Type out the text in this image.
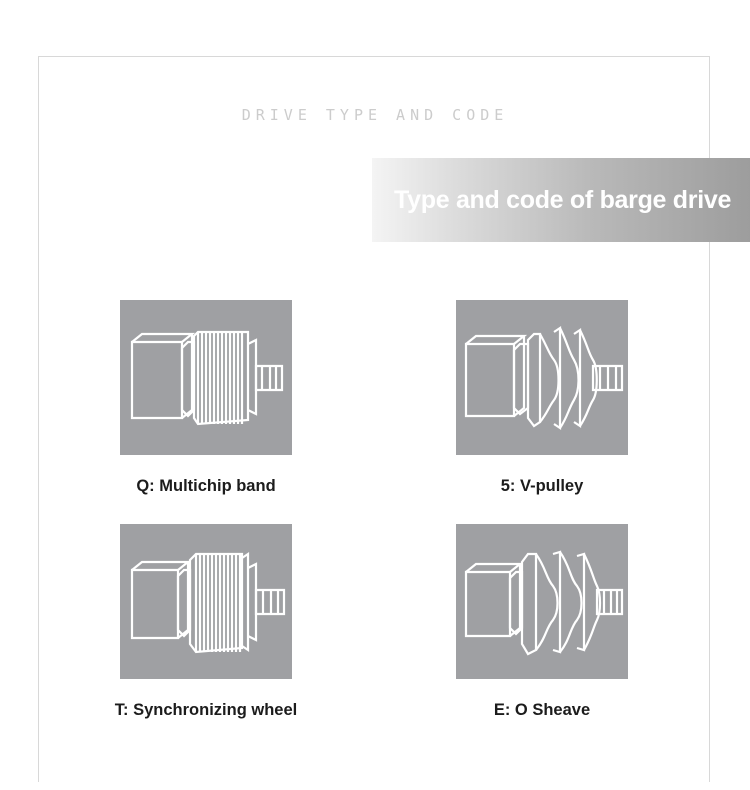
DRIVE TYPE AND CODE
Type and code of barge drive
Q: Multichip band	5: V-pulley
T: Synchronizing wheel	E: O Sheave
